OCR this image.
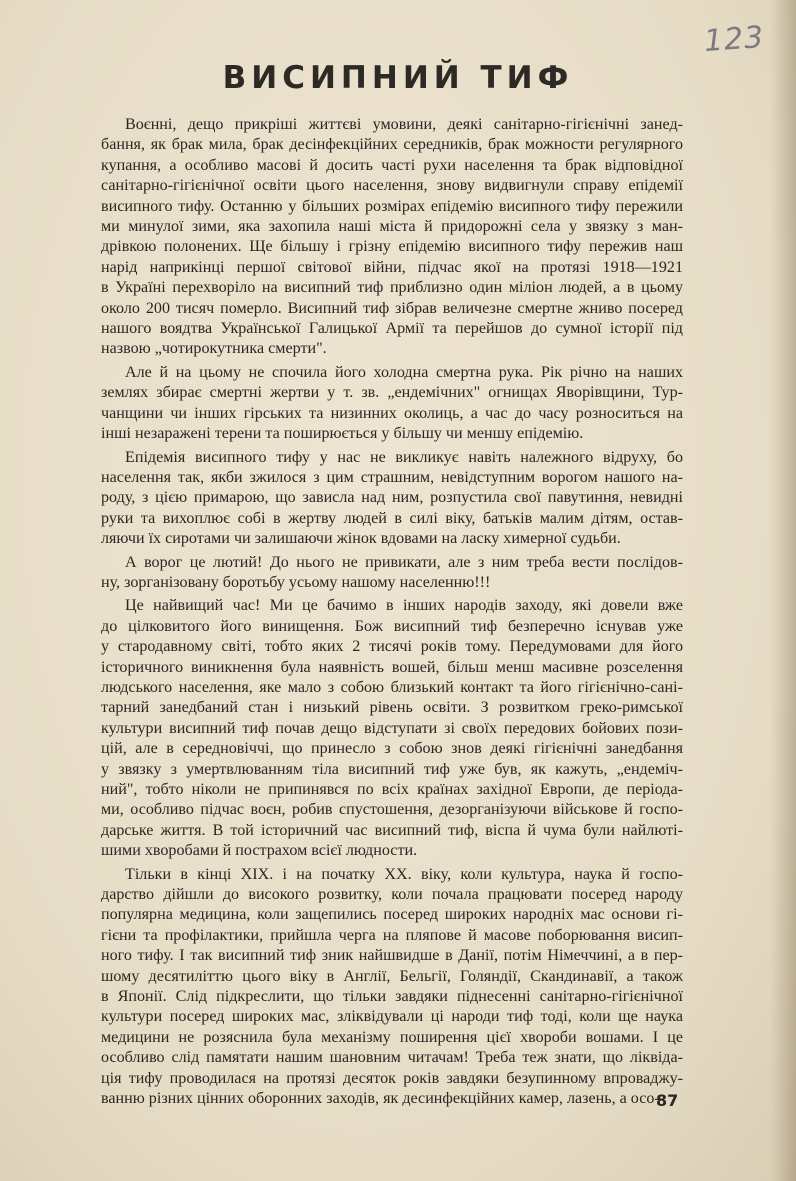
123
ВИСИПНИЙ ТИФ
Воєнні, дещо прикріші життєві умовини, деякі санітарно-гігієнічні занед-
бання, як брак мила, брак десінфекційних середників, брак можности регулярного
купання, а особливо масові й досить часті рухи населення та брак відповідної
санітарно-гігієнічної освіти цього населення, знову видвигнули справу епідемії
висипного тифу. Останню у більших розмірах епідемію висипного тифу пережили
ми минулої зими, яка захопила наші міста й придорожні села у звязку з ман-
дрівкою полонених. Ще більшу і грізну епідемію висипного тифу пережив наш
нарід наприкінці першої світової війни, підчас якої на протязі 1918—1921
в Україні перехворіло на висипний тиф приблизно один міліон людей, а в цьому
около 200 тисяч померло. Висипний тиф зібрав величезне смертне жниво посеред
нашого воядтва Української Галицької Армії та перейшов до сумної історії під
назвою „чотирокутника смерти".
Але й на цьому не спочила його холодна смертна рука. Рік річно на наших
землях збирає смертні жертви у т. зв. „ендемічних" огнищах Яворівщини, Тур-
чанщини чи інших гірських та низинних околиць, а час до часу розноситься на
інші незаражені терени та поширюється у більшу чи меншу епідемію.
Епідемія висипного тифу у нас не викликує навіть належного відруху, бо
населення так, якби зжилося з цим страшним, невідступним ворогом нашого на-
роду, з цією примарою, що зависла над ним, розпустила свої павутиння, невидні
руки та вихоплює собі в жертву людей в силі віку, батьків малим дітям, остав-
ляючи їх сиротами чи залишаючи жінок вдовами на ласку химерної судьби.
А ворог це лютий! До нього не привикати, але з ним треба вести послідов-
ну, зорганізовану боротьбу усьому нашому населенню!!!
Це найвищий час! Ми це бачимо в інших народів заходу, які довели вже
до цілковитого його винищення. Бож висипний тиф безперечно існував уже
у стародавному світі, тобто яких 2 тисячі років тому. Передумовами для його
історичного виникнення була наявність вошей, більш менш масивне розселення
людського населення, яке мало з собою близький контакт та його гігієнічно-сані-
тарний занедбаний стан і низький рівень освіти. З розвитком греко-римської
культури висипний тиф почав дещо відступати зі своїх передових бойових пози-
цій, але в середновіччі, що принесло з собою знов деякі гігієнічні занедбання
у звязку з умертвлюванням тіла висипний тиф уже був, як кажуть, „ендеміч-
ний", тобто ніколи не припинявся по всіх країнах західної Европи, де періода-
ми, особливо підчас воєн, робив спустошення, дезорганізуючи військове й госпо-
дарське життя. В той історичний час висипний тиф, віспа й чума були найлюті-
шими хворобами й пострахом всієї людности.
Тільки в кінці XIX. і на початку XX. віку, коли культура, наука й госпо-
дарство дійшли до високого розвитку, коли почала працювати посеред народу
популярна медицина, коли защепились посеред широких народніх мас основи гі-
гієни та профілактики, прийшла черга на пляпове й масове поборювання висип-
ного тифу. І так висипний тиф зник найшвидше в Данії, потім Німеччині, а в пер-
шому десятиліттю цього віку в Англії, Бельгії, Голяндії, Скандинавії, а також
в Японії. Слід підкреслити, що тільки завдяки піднесенні санітарно-гігієнічної
культури посеред широких мас, зліквідували ці народи тиф тоді, коли ще наука
медицини не розяснила була механізму поширення цієї хвороби вошами. І це
особливо слід памятати нашим шановним читачам! Треба теж знати, що ліквіда-
ція тифу проводилася на протязі десяток років завдяки безупинному впроваджу-
ванню різних цінних оборонних заходів, як десинфекційних камер, лазень, а осо-
87
